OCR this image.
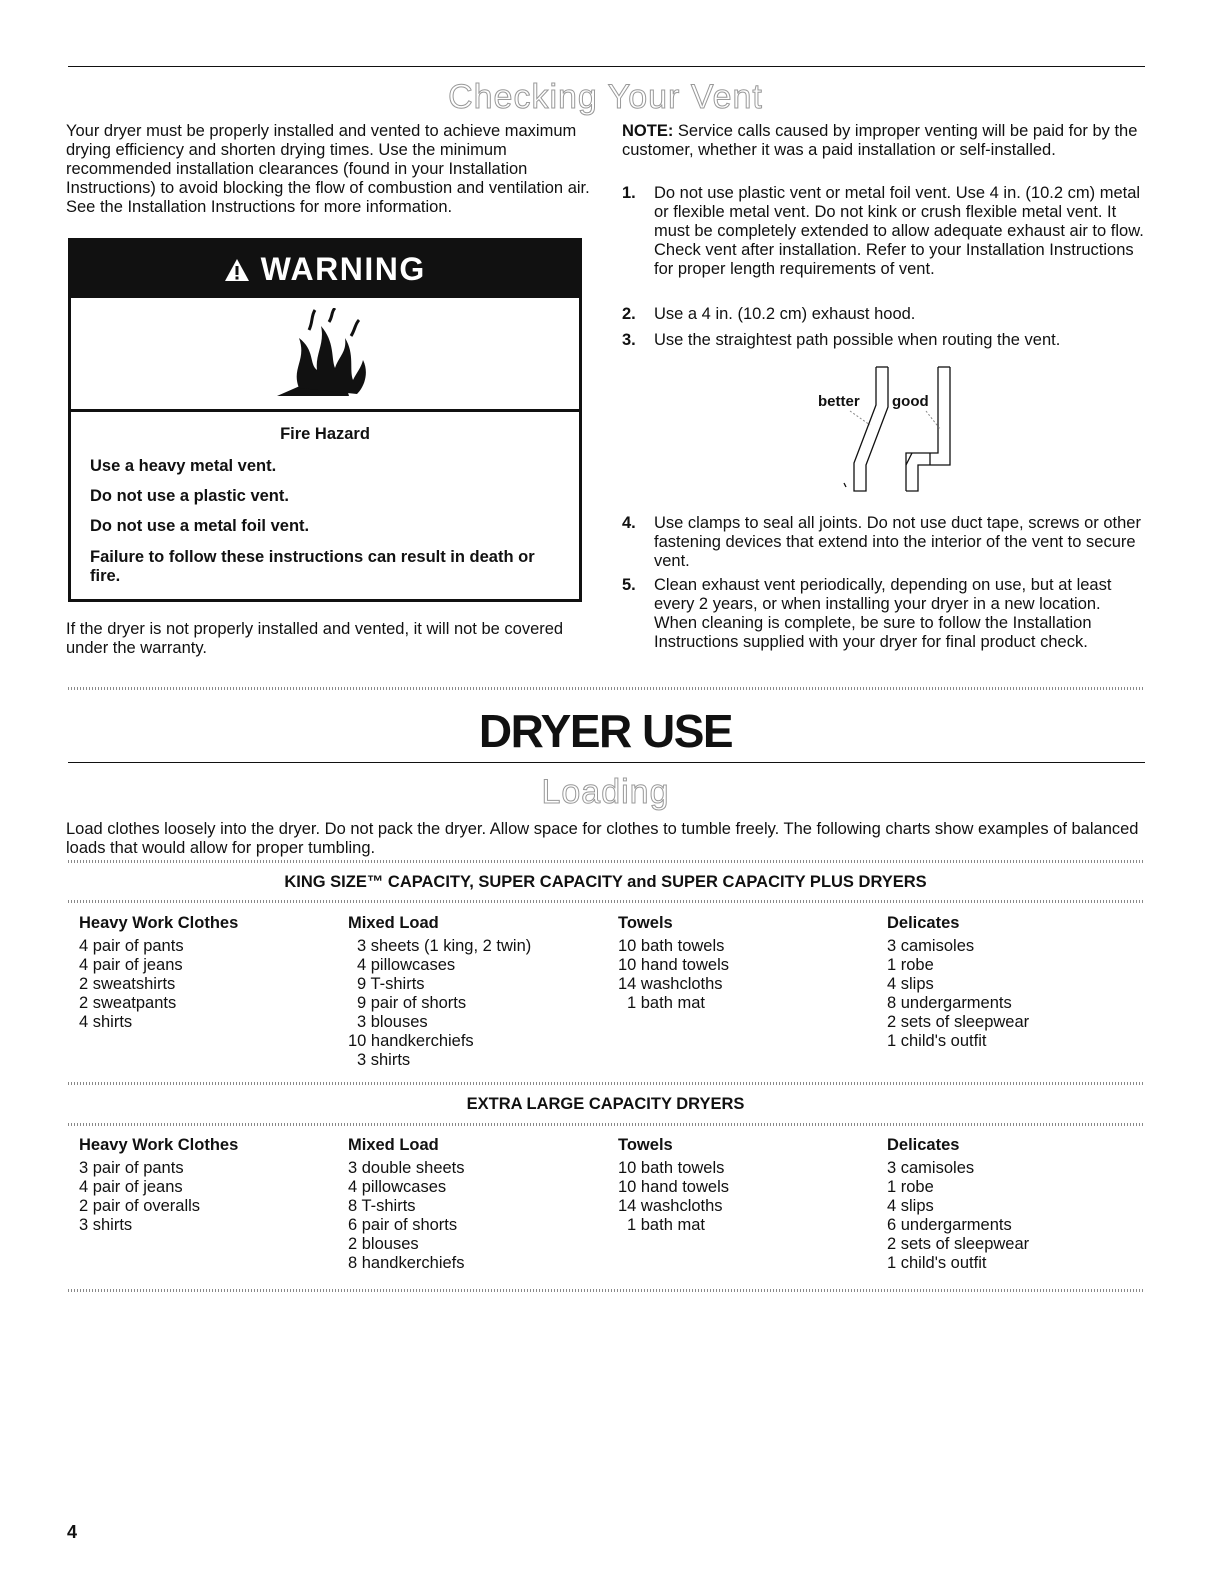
Checking Your Vent
Your dryer must be properly installed and vented to achieve maximum drying efficiency and shorten drying times. Use the minimum recommended installation clearances (found in your Installation Instructions) to avoid blocking the flow of combustion and ventilation air. See the Installation Instructions for more information.
WARNING
Fire Hazard
Use a heavy metal vent.
Do not use a plastic vent.
Do not use a metal foil vent.
Failure to follow these instructions can result in death or fire.
If the dryer is not properly installed and vented, it will not be covered under the warranty.
NOTE: Service calls caused by improper venting will be paid for by the customer, whether it was a paid installation or self-installed.
1. Do not use plastic vent or metal foil vent. Use 4 in. (10.2 cm) metal or flexible metal vent. Do not kink or crush flexible metal vent. It must be completely extended to allow adequate exhaust air to flow. Check vent after installation. Refer to your Installation Instructions for proper length requirements of vent.
2. Use a 4 in. (10.2 cm) exhaust hood.
3. Use the straightest path possible when routing the vent.
4. Use clamps to seal all joints. Do not use duct tape, screws or other fastening devices that extend into the interior of the vent to secure vent.
5. Clean exhaust vent periodically, depending on use, but at least every 2 years, or when installing your dryer in a new location. When cleaning is complete, be sure to follow the Installation Instructions supplied with your dryer for final product check.
better good
DRYER USE
Loading
Load clothes loosely into the dryer. Do not pack the dryer. Allow space for clothes to tumble freely. The following charts show examples of balanced loads that would allow for proper tumbling.
KING SIZE™ CAPACITY, SUPER CAPACITY and SUPER CAPACITY PLUS DRYERS
Heavy Work Clothes
4 pair of pants
4 pair of jeans
2 sweatshirts
2 sweatpants
4 shirts
Mixed Load
3 sheets (1 king, 2 twin)
4 pillowcases
9 T-shirts
9 pair of shorts
3 blouses
10 handkerchiefs
3 shirts
Towels
10 bath towels
10 hand towels
14 washcloths
1 bath mat
Delicates
3 camisoles
1 robe
4 slips
8 undergarments
2 sets of sleepwear
1 child's outfit
EXTRA LARGE CAPACITY DRYERS
Heavy Work Clothes
3 pair of pants
4 pair of jeans
2 pair of overalls
3 shirts
Mixed Load
3 double sheets
4 pillowcases
8 T-shirts
6 pair of shorts
2 blouses
8 handkerchiefs
Towels
10 bath towels
10 hand towels
14 washcloths
1 bath mat
Delicates
3 camisoles
1 robe
4 slips
6 undergarments
2 sets of sleepwear
1 child's outfit
4
